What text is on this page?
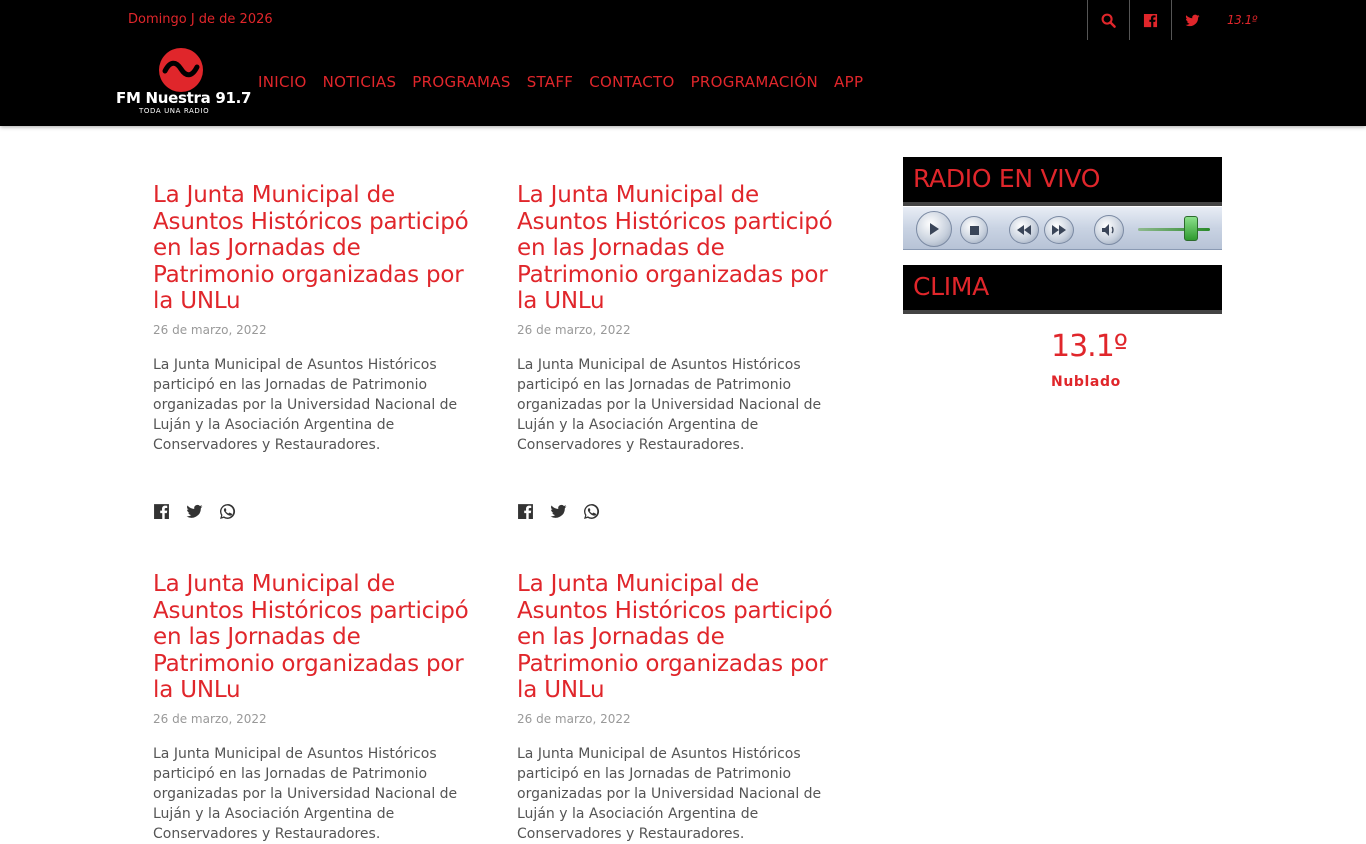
Domingo J de de 2026	13.1º
FM Nuestra 91.7
TODA UNA RADIO
INICIO NOTICIAS PROGRAMAS STAFF CONTACTO PROGRAMACIÓN APP
La Junta Municipal de Asuntos Históricos participó en las Jornadas de Patrimonio organizadas por la UNLu
26 de marzo, 2022
La Junta Municipal de Asuntos Históricos participó en las Jornadas de Patrimonio organizadas por la Universidad Nacional de Luján y la Asociación Argentina de Conservadores y Restauradores.
La Junta Municipal de Asuntos Históricos participó en las Jornadas de Patrimonio organizadas por la UNLu
26 de marzo, 2022
La Junta Municipal de Asuntos Históricos participó en las Jornadas de Patrimonio organizadas por la Universidad Nacional de Luján y la Asociación Argentina de Conservadores y Restauradores.
La Junta Municipal de Asuntos Históricos participó en las Jornadas de Patrimonio organizadas por la UNLu
26 de marzo, 2022
La Junta Municipal de Asuntos Históricos participó en las Jornadas de Patrimonio organizadas por la Universidad Nacional de Luján y la Asociación Argentina de Conservadores y Restauradores.
La Junta Municipal de Asuntos Históricos participó en las Jornadas de Patrimonio organizadas por la UNLu
26 de marzo, 2022
La Junta Municipal de Asuntos Históricos participó en las Jornadas de Patrimonio organizadas por la Universidad Nacional de Luján y la Asociación Argentina de Conservadores y Restauradores.
RADIO EN VIVO
CLIMA
13.1º
Nublado
